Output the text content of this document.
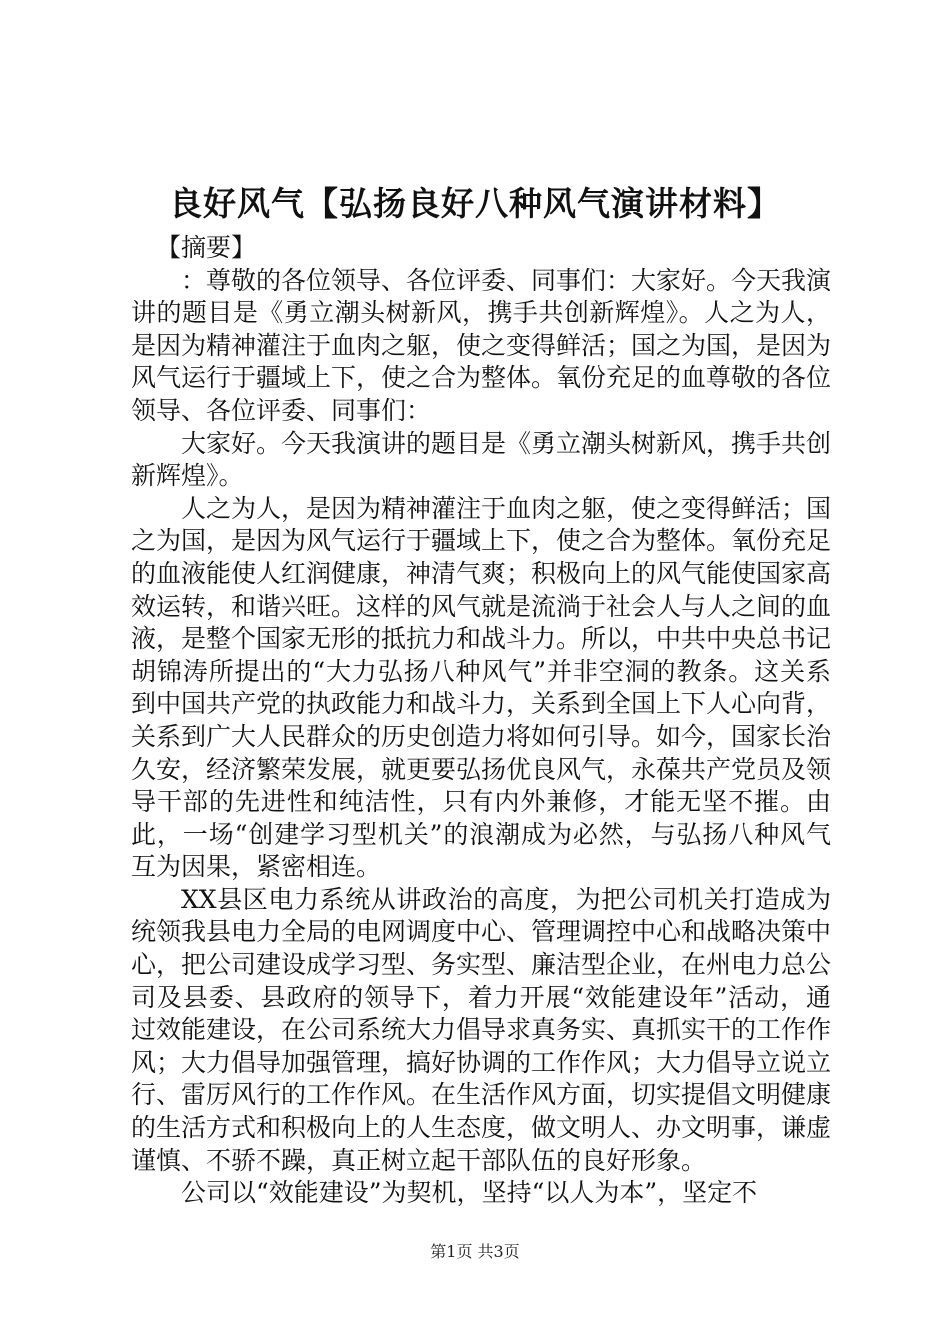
良好风气【弘扬良好八种风气演讲材料】

【摘要】

：尊敬的各位领导、各位评委、同事们：大家好。今天我演讲的题目是《勇立潮头树新风，携手共创新辉煌》。人之为人，是因为精神灌注于血肉之躯，使之变得鲜活；国之为国，是因为风气运行于疆域上下，使之合为整体。氧份充足的血尊敬的各位领导、各位评委、同事们：

大家好。今天我演讲的题目是《勇立潮头树新风，携手共创新辉煌》。

人之为人，是因为精神灌注于血肉之躯，使之变得鲜活；国之为国，是因为风气运行于疆域上下，使之合为整体。氧份充足的血液能使人红润健康，神清气爽；积极向上的风气能使国家高效运转，和谐兴旺。这样的风气就是流淌于社会人与人之间的血液，是整个国家无形的抵抗力和战斗力。所以，中共中央总书记胡锦涛所提出的“大力弘扬八种风气”并非空洞的教条。这关系到中国共产党的执政能力和战斗力，关系到全国上下人心向背，关系到广大人民群众的历史创造力将如何引导。如今，国家长治久安，经济繁荣发展，就更要弘扬优良风气，永葆共产党员及领导干部的先进性和纯洁性，只有内外兼修，才能无坚不摧。由此，一场“创建学习型机关”的浪潮成为必然，与弘扬八种风气互为因果，紧密相连。

XX县区电力系统从讲政治的高度，为把公司机关打造成为统领我县电力全局的电网调度中心、管理调控中心和战略决策中心，把公司建设成学习型、务实型、廉洁型企业，在州电力总公司及县委、县政府的领导下，着力开展“效能建设年”活动，通过效能建设，在公司系统大力倡导求真务实、真抓实干的工作作风；大力倡导加强管理，搞好协调的工作作风；大力倡导立说立行、雷厉风行的工作作风。在生活作风方面，切实提倡文明健康的生活方式和积极向上的人生态度，做文明人、办文明事，谦虚谨慎、不骄不躁，真正树立起干部队伍的良好形象。

公司以“效能建设”为契机，坚持“以人为本”，坚定不

第1页 共3页
